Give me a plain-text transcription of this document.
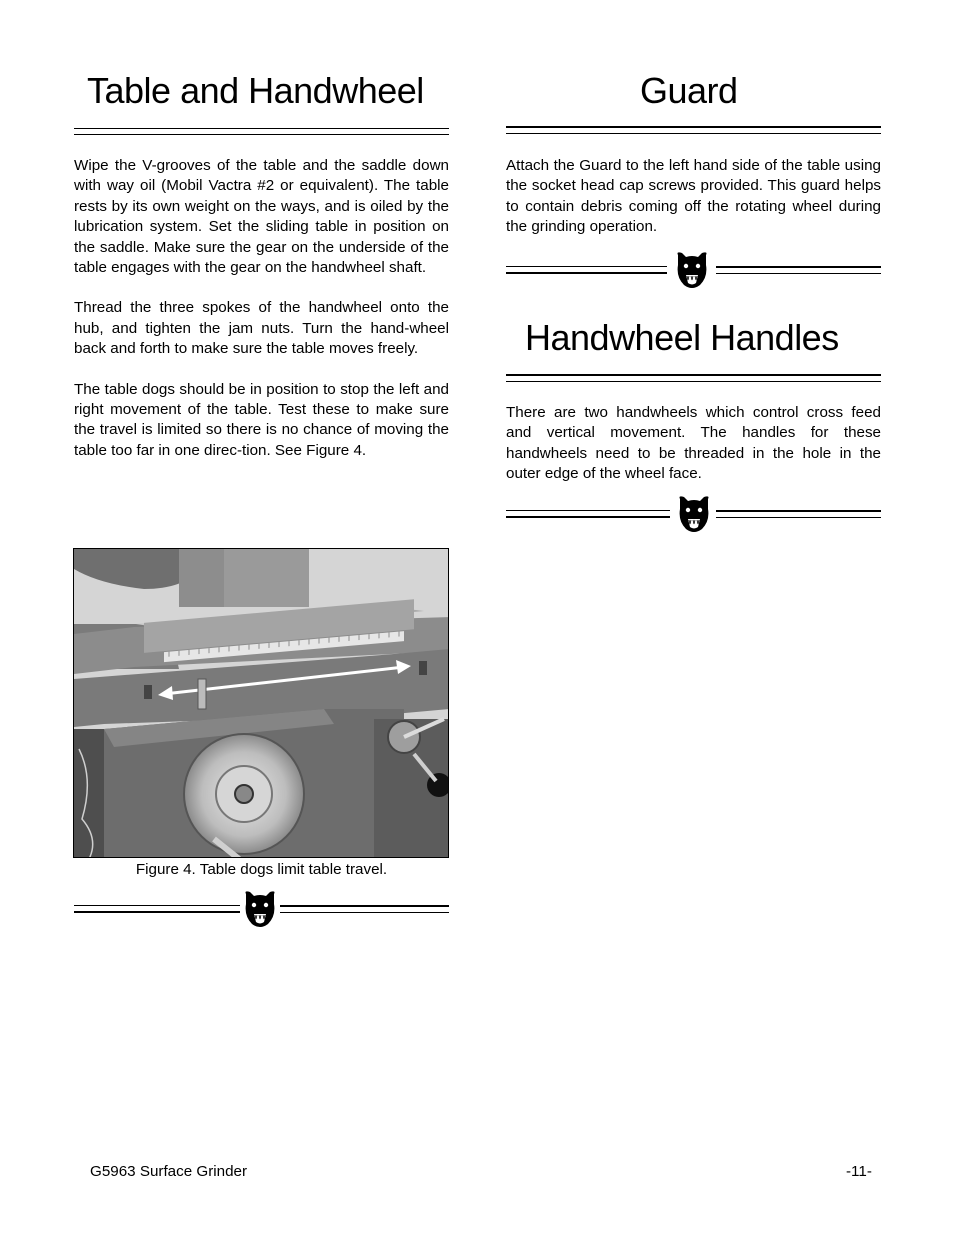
Table and Handwheel	Guard

Wipe the V-grooves of the table and the saddle down with way oil (Mobil Vactra #2 or equivalent). The table rests by its own weight on the ways, and is oiled by the lubrication system. Set the sliding table in position on the saddle. Make sure the gear on the underside of the table engages with the gear on the handwheel shaft.

Thread the three spokes of the handwheel onto the hub, and tighten the jam nuts. Turn the hand-wheel back and forth to make sure the table moves freely.

The table dogs should be in position to stop the left and right movement of the table. Test these to make sure the travel is limited so there is no chance of moving the table too far in one direc-tion. See Figure 4.

Figure 4. Table dogs limit table travel.

Attach the Guard to the left hand side of the table using the socket head cap screws provided. This guard helps to contain debris coming off the rotating wheel during the grinding operation.

Handwheel Handles

There are two handwheels which control cross feed and vertical movement. The handles for these handwheels need to be threaded in the hole in the outer edge of the wheel face.

G5963 Surface Grinder	-11-
